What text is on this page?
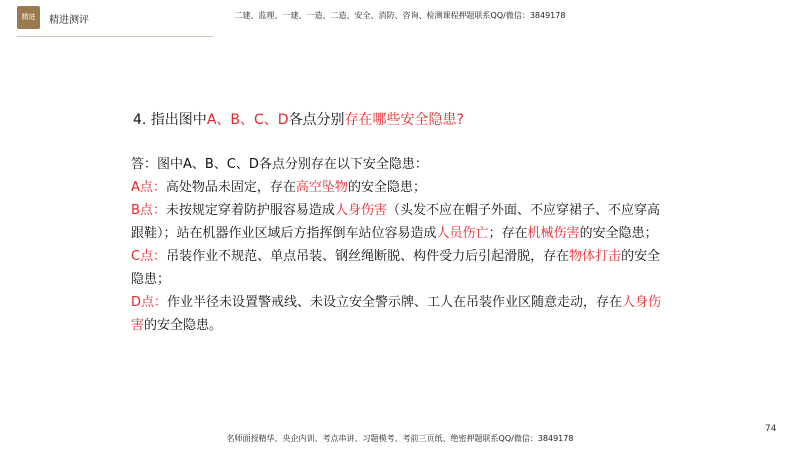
精进	精进测评	二建、监理、一建、一造、二造、安全、消防、咨询、检测课程押题联系QQ/微信：3849178
4. 指出图中A、B、C、D各点分别存在哪些安全隐患?

答：图中A、B、C、D各点分别存在以下安全隐患：

A点：高处物品未固定，存在高空坠物的安全隐患；

B点：未按规定穿着防护服容易造成人身伤害（头发不应在帽子外面、不应穿裙子、不应穿高跟鞋）；站在机器作业区域后方指挥倒车站位容易造成人员伤亡；存在机械伤害的安全隐患；

C点：吊装作业不规范、单点吊装、钢丝绳断脱、构件受力后引起滑脱，存在物体打击的安全隐患；

D点：作业半径未设置警戒线、未设立安全警示牌、工人在吊装作业区随意走动，存在人身伤害的安全隐患。

名师面授精华、央企内训、考点串讲、习题模考、考前三页纸、绝密押题联系QQ/微信：3849178
74
